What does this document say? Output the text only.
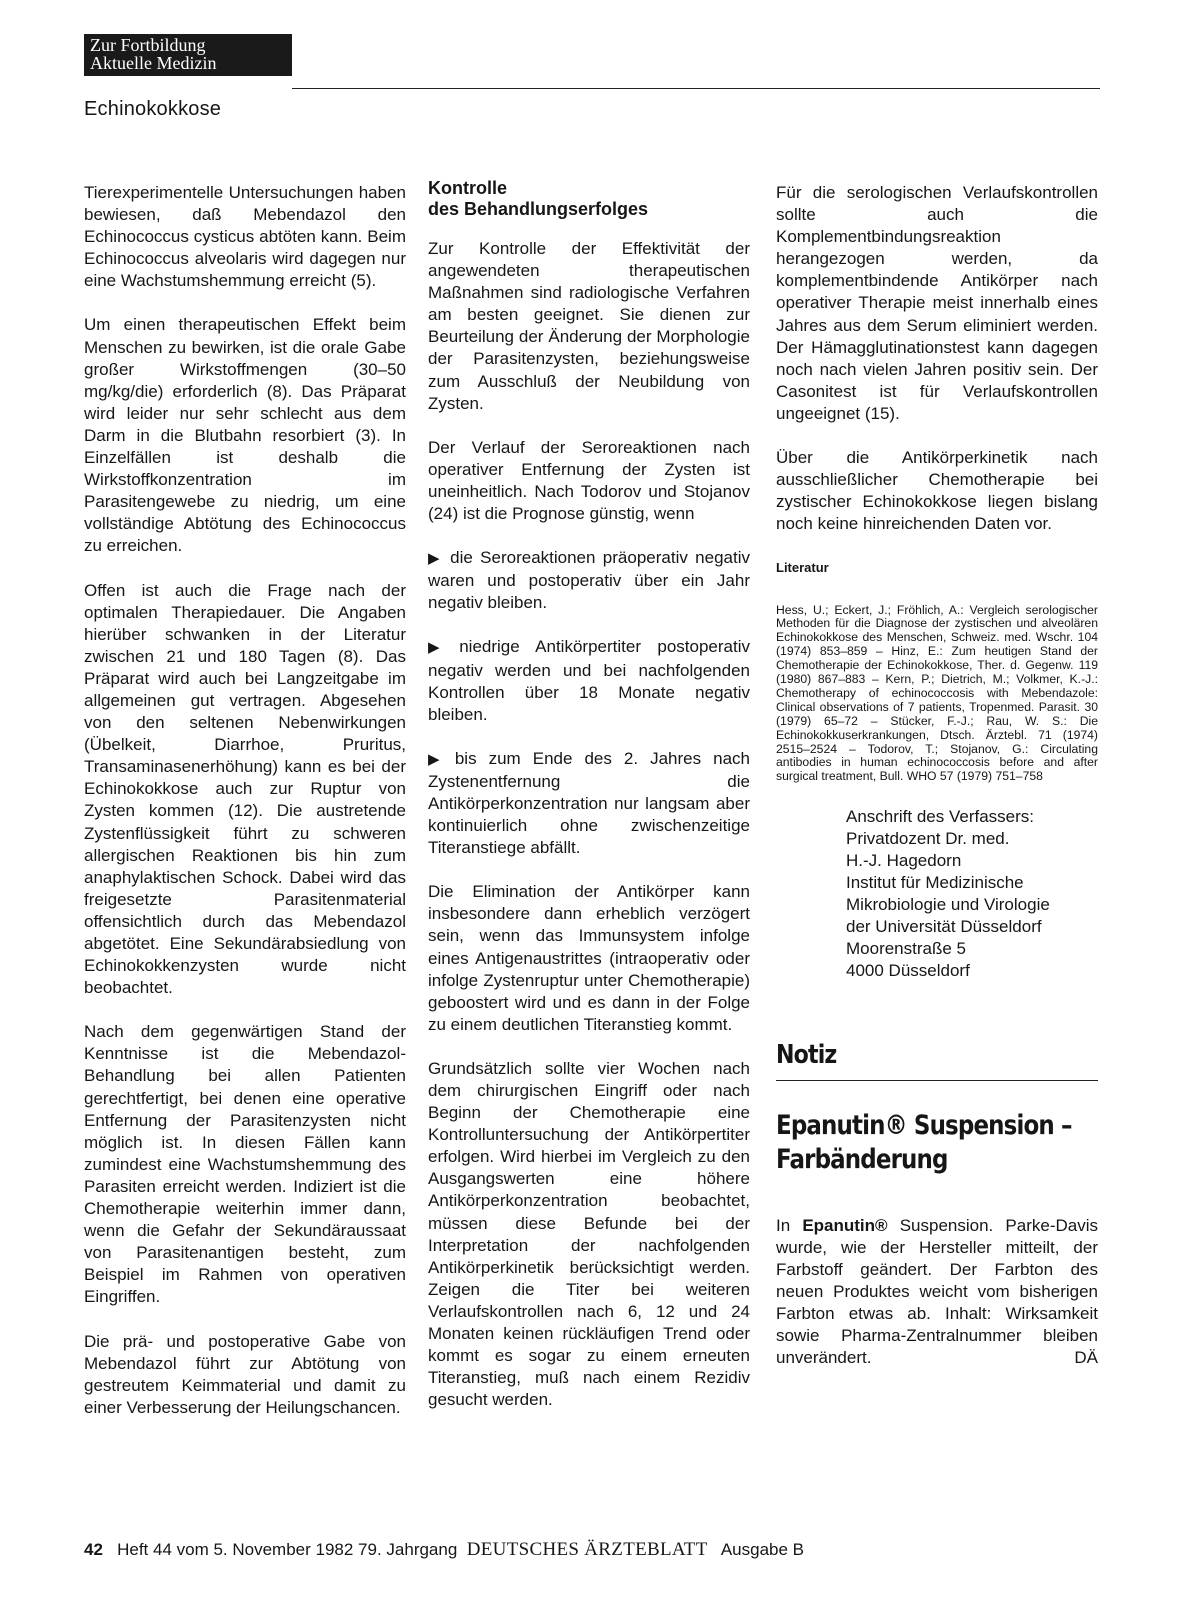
Zur Fortbildung
Aktuelle Medizin
Echinokokkose

Tierexperimentelle Untersuchungen haben bewiesen, daß Mebendazol den Echinococcus cysticus abtöten kann. Beim Echinococcus alveolaris wird dagegen nur eine Wachstumshemmung erreicht (5).

Um einen therapeutischen Effekt beim Menschen zu bewirken, ist die orale Gabe großer Wirkstoffmengen (30–50 mg/kg/die) erforderlich (8). Das Präparat wird leider nur sehr schlecht aus dem Darm in die Blutbahn resorbiert (3). In Einzelfällen ist deshalb die Wirkstoffkonzentration im Parasitengewebe zu niedrig, um eine vollständige Abtötung des Echinococcus zu erreichen.

Offen ist auch die Frage nach der optimalen Therapiedauer. Die Angaben hierüber schwanken in der Literatur zwischen 21 und 180 Tagen (8). Das Präparat wird auch bei Langzeitgabe im allgemeinen gut vertragen. Abgesehen von den seltenen Nebenwirkungen (Übelkeit, Diarrhoe, Pruritus, Transaminasenerhöhung) kann es bei der Echinokokkose auch zur Ruptur von Zysten kommen (12). Die austretende Zystenflüssigkeit führt zu schweren allergischen Reaktionen bis hin zum anaphylaktischen Schock. Dabei wird das freigesetzte Parasitenmaterial offensichtlich durch das Mebendazol abgetötet. Eine Sekundärabsiedlung von Echinokokkenzysten wurde nicht beobachtet.

Nach dem gegenwärtigen Stand der Kenntnisse ist die Mebendazol-Behandlung bei allen Patienten gerechtfertigt, bei denen eine operative Entfernung der Parasitenzysten nicht möglich ist. In diesen Fällen kann zumindest eine Wachstumshemmung des Parasiten erreicht werden. Indiziert ist die Chemotherapie weiterhin immer dann, wenn die Gefahr der Sekundäraussaat von Parasitenantigen besteht, zum Beispiel im Rahmen von operativen Eingriffen.

Die prä- und postoperative Gabe von Mebendazol führt zur Abtötung von gestreutem Keimmaterial und damit zu einer Verbesserung der Heilungschancen.

Kontrolle
des Behandlungserfolges

Zur Kontrolle der Effektivität der angewendeten therapeutischen Maßnahmen sind radiologische Verfahren am besten geeignet. Sie dienen zur Beurteilung der Änderung der Morphologie der Parasitenzysten, beziehungsweise zum Ausschluß der Neubildung von Zysten.

Der Verlauf der Seroreaktionen nach operativer Entfernung der Zysten ist uneinheitlich. Nach Todorov und Stojanov (24) ist die Prognose günstig, wenn

▶ die Seroreaktionen präoperativ negativ waren und postoperativ über ein Jahr negativ bleiben.

▶ niedrige Antikörpertiter postoperativ negativ werden und bei nachfolgenden Kontrollen über 18 Monate negativ bleiben.

▶ bis zum Ende des 2. Jahres nach Zystenentfernung die Antikörperkonzentration nur langsam aber kontinuierlich ohne zwischenzeitige Titeranstiege abfällt.

Die Elimination der Antikörper kann insbesondere dann erheblich verzögert sein, wenn das Immunsystem infolge eines Antigenaustrittes (intraoperativ oder infolge Zystenruptur unter Chemotherapie) geboostert wird und es dann in der Folge zu einem deutlichen Titeranstieg kommt.

Grundsätzlich sollte vier Wochen nach dem chirurgischen Eingriff oder nach Beginn der Chemotherapie eine Kontrolluntersuchung der Antikörpertiter erfolgen. Wird hierbei im Vergleich zu den Ausgangswerten eine höhere Antikörperkonzentration beobachtet, müssen diese Befunde bei der Interpretation der nachfolgenden Antikörperkinetik berücksichtigt werden. Zeigen die Titer bei weiteren Verlaufskontrollen nach 6, 12 und 24 Monaten keinen rückläufigen Trend oder kommt es sogar zu einem erneuten Titeranstieg, muß nach einem Rezidiv gesucht werden.

Für die serologischen Verlaufskontrollen sollte auch die Komplementbindungsreaktion herangezogen werden, da komplementbindende Antikörper nach operativer Therapie meist innerhalb eines Jahres aus dem Serum eliminiert werden. Der Hämagglutinationstest kann dagegen noch nach vielen Jahren positiv sein. Der Casonitest ist für Verlaufskontrollen ungeeignet (15).

Über die Antikörperkinetik nach ausschließlicher Chemotherapie bei zystischer Echinokokkose liegen bislang noch keine hinreichenden Daten vor.

Literatur

Hess, U.; Eckert, J.; Fröhlich, A.: Vergleich serologischer Methoden für die Diagnose der zystischen und alveolären Echinokokkose des Menschen, Schweiz. med. Wschr. 104 (1974) 853–859 – Hinz, E.: Zum heutigen Stand der Chemotherapie der Echinokokkose, Ther. d. Gegenw. 119 (1980) 867–883 – Kern, P.; Dietrich, M.; Volkmer, K.-J.: Chemotherapy of echinococcosis with Mebendazole: Clinical observations of 7 patients, Tropenmed. Parasit. 30 (1979) 65–72 – Stücker, F.-J.; Rau, W. S.: Die Echinokokkuserkrankungen, Dtsch. Ärztebl. 71 (1974) 2515–2524 – Todorov, T.; Stojanov, G.: Circulating antibodies in human echinococcosis before and after surgical treatment, Bull. WHO 57 (1979) 751–758

Anschrift des Verfassers:
Privatdozent Dr. med.
H.-J. Hagedorn
Institut für Medizinische
Mikrobiologie und Virologie
der Universität Düsseldorf
Moorenstraße 5
4000 Düsseldorf
Notiz
Epanutin® Suspension –
Farbänderung

In Epanutin® Suspension. Parke-Davis wurde, wie der Hersteller mitteilt, der Farbstoff geändert. Der Farbton des neuen Produktes weicht vom bisherigen Farbton etwas ab. Inhalt: Wirksamkeit sowie Pharma-Zentralnummer bleiben unverändert.	DÄ

42 Heft 44 vom 5. November 1982 79. Jahrgang DEUTSCHES ÄRZTEBLATT Ausgabe B
